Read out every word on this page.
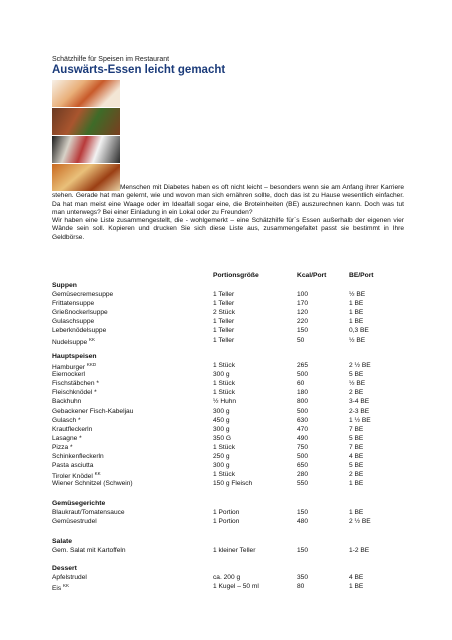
Schätzhilfe für Speisen im Restaurant
Auswärts-Essen leicht gemacht

Menschen mit Diabetes haben es oft nicht leicht – besonders wenn sie am Anfang ihrer Karriere stehen. Gerade hat man gelernt, wie und wovon man sich ernähren sollte, doch das ist zu Hause wesentlich einfacher. Da hat man meist eine Waage oder im Idealfall sogar eine, die Broteinheiten (BE) auszurechnen kann. Doch was tut man unterwegs? Bei einer Einladung in ein Lokal oder zu Freunden?

Wir haben eine Liste zusammengestellt, die - wohlgemerkt – eine Schätzhilfe für´s Essen außerhalb der eigenen vier Wände sein soll. Kopieren und drucken Sie sich diese Liste aus, zusammengefaltet passt sie bestimmt in Ihre Geldbörse.

Portionsgröße	Kcal/Port	BE/Port
Suppen
Gemüsecremesuppe	1 Teller	100	½ BE
Frittatensuppe	1 Teller	170	1 BE
Grießnockerlsuppe	2 Stück	120	1 BE
Gulaschsuppe	1 Teller	220	1 BE
Leberknödelsuppe	1 Teller	150	0,3 BE
Nudelsuppe $^{KK}$	1 Teller	50	½ BE
Hauptspeisen
Hamburger $^{KKD}$	1 Stück	265	2 ½ BE
Eiernockerl	300 g	500	5 BE
Fischstäbchen *	1 Stück	60	½ BE
Fleischknödel *	1 Stück	180	2 BE
Backhuhn	½ Huhn	800	3-4 BE
Gebackener Fisch-Kabeljau	300 g	500	2-3 BE
Gulasch *	450 g	630	1 ½ BE
Krautfleckerln	300 g	470	7 BE
Lasagne *	350 G	490	5 BE
Pizza *	1 Stück	750	7 BE
Schinkenfleckerln	250 g	500	4 BE
Pasta asciutta	300 g	650	5 BE
Tiroler Knödel $^{KK}$	1 Stück	280	2 BE
Wiener Schnitzel (Schwein)	150 g Fleisch	550	1 BE
Gemüsegerichte
Blaukraut/Tomatensauce	1 Portion	150	1 BE
Gemüsestrudel	1 Portion	480	2 ½ BE
Salate
Gem. Salat mit Kartoffeln	1 kleiner Teller	150	1-2 BE
Dessert
Apfelstrudel	ca. 200 g	350	4 BE
Eis $^{KK}$	1 Kugel – 50 ml	80	1 BE
